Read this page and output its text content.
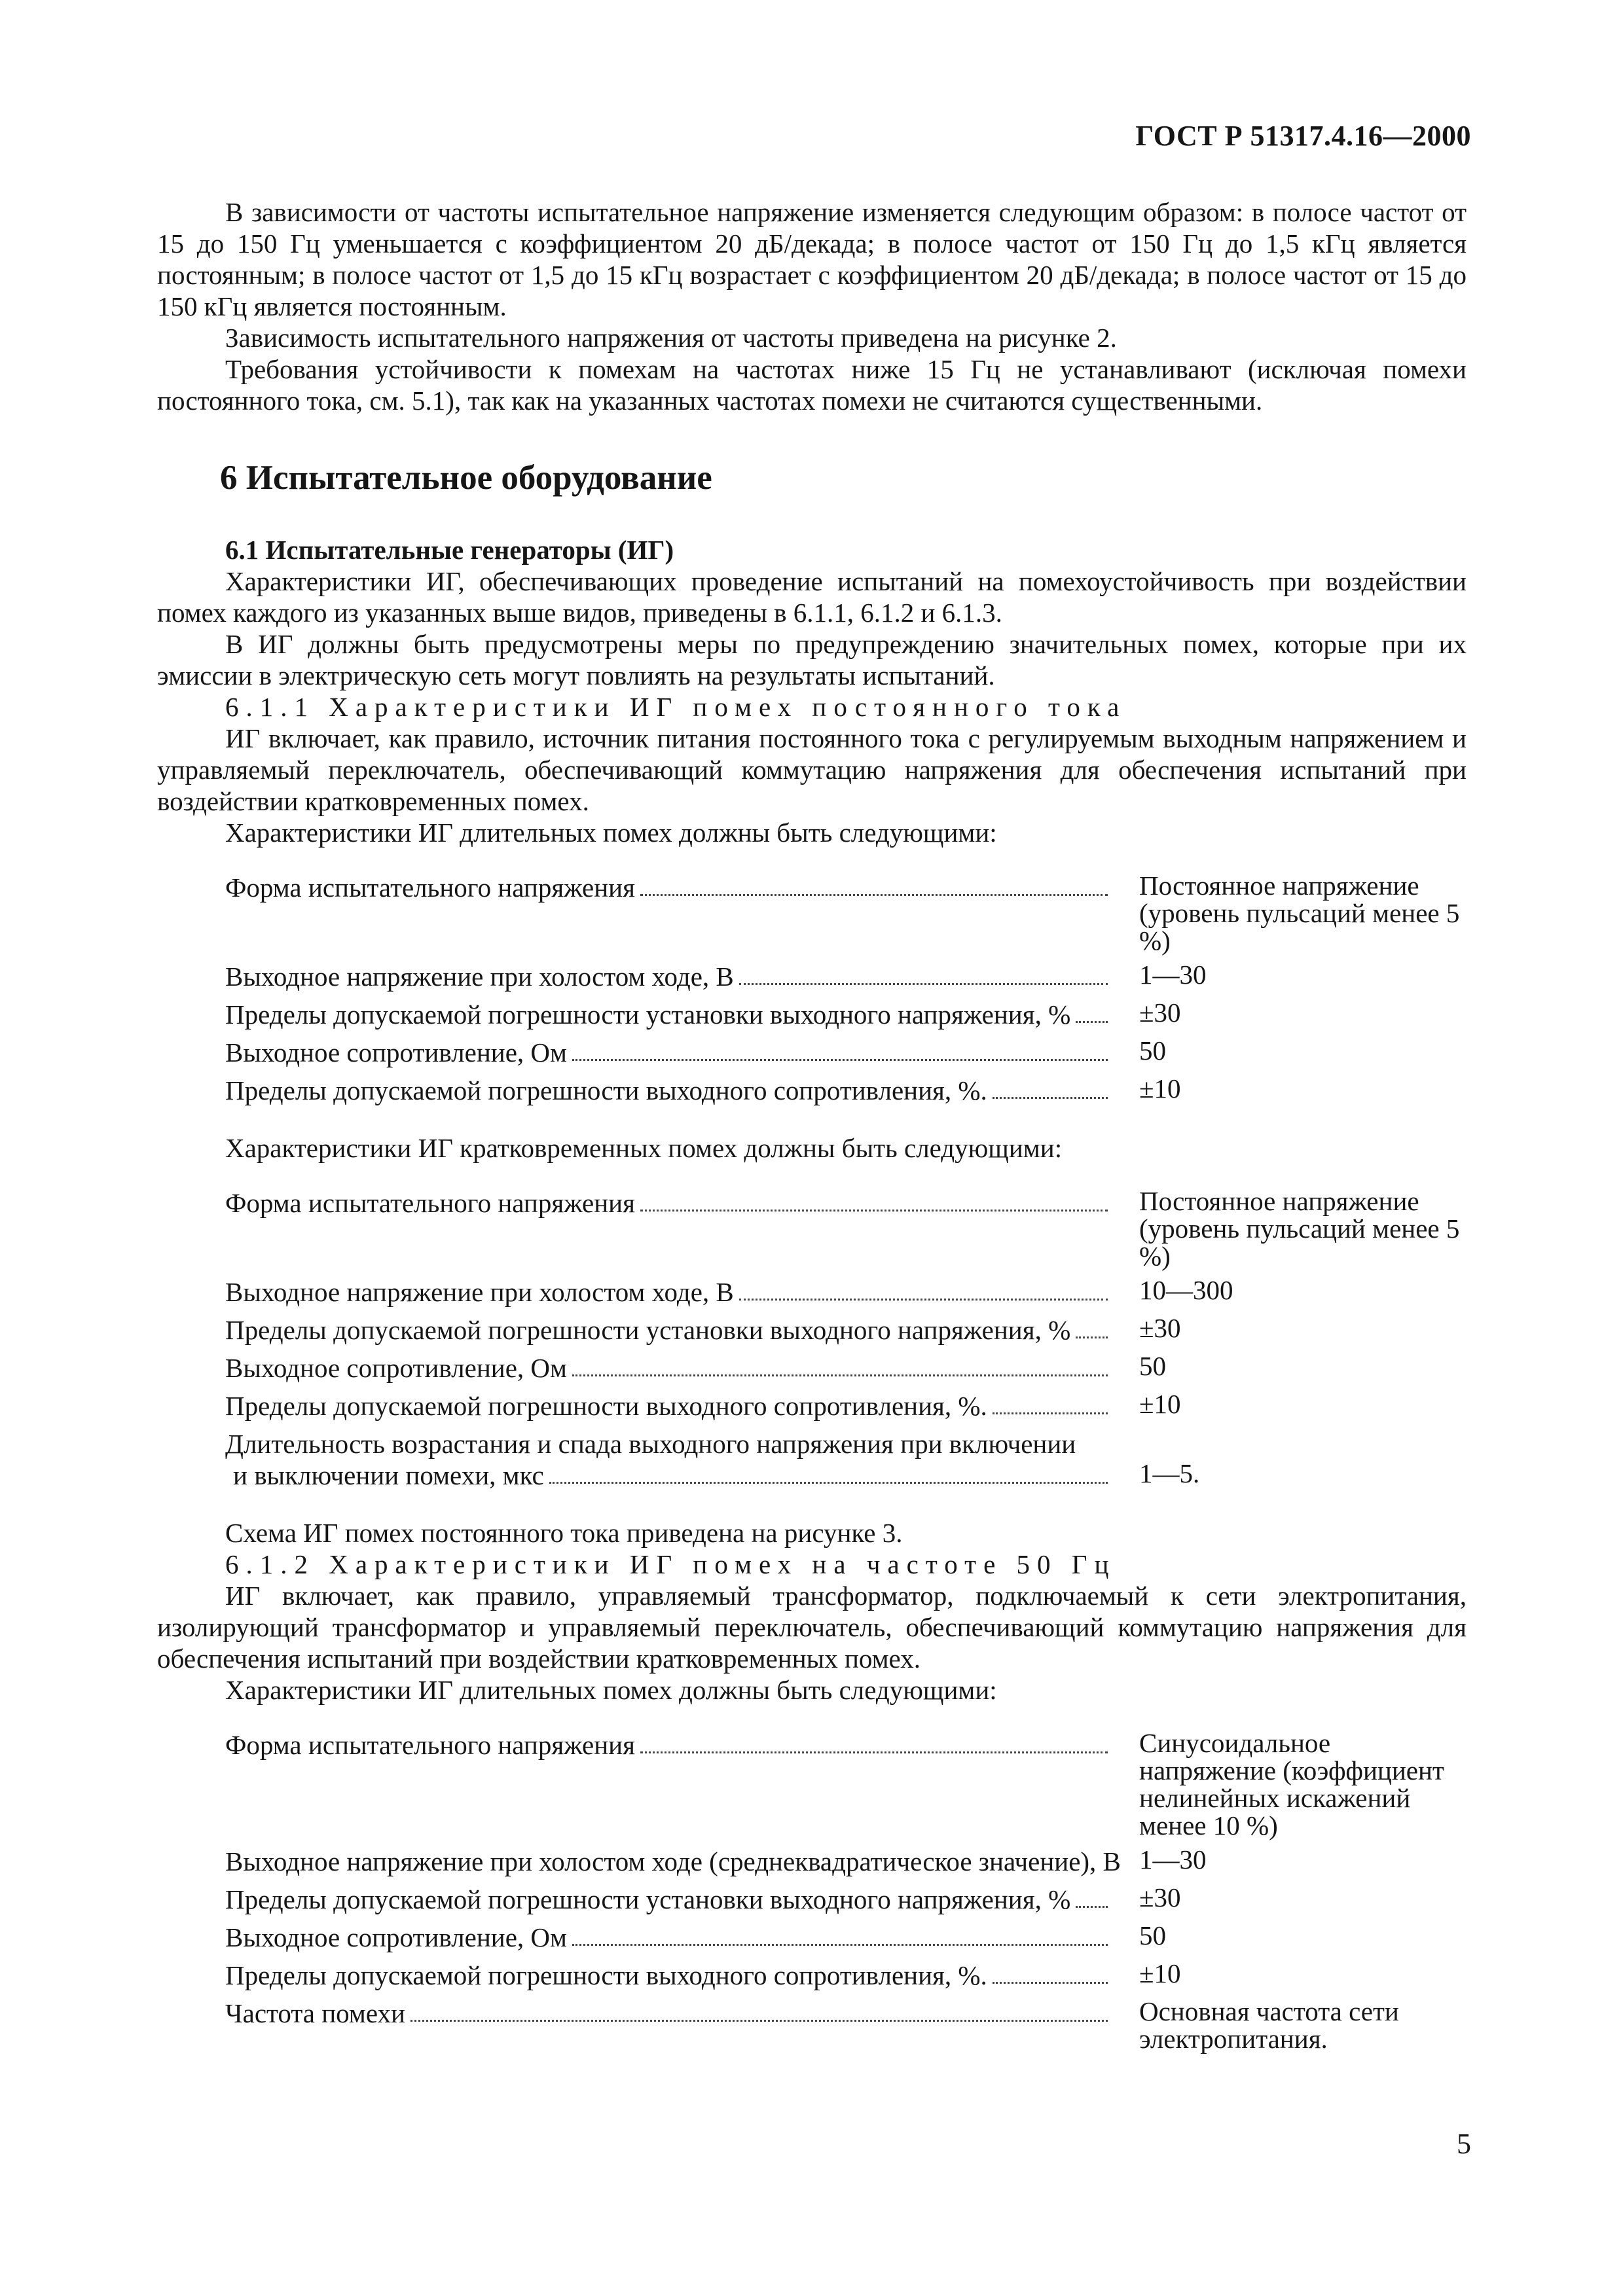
ГОСТ Р 51317.4.16—2000

В зависимости от частоты испытательное напряжение изменяется следующим образом: в полосе частот от 15 до 150 Гц уменьшается с коэффициентом 20 дБ/декада; в полосе частот от 150 Гц до 1,5 кГц является постоянным; в полосе частот от 1,5 до 15 кГц возрастает с коэффициентом 20 дБ/декада; в полосе частот от 15 до 150 кГц является постоянным.

Зависимость испытательного напряжения от частоты приведена на рисунке 2.

Требования устойчивости к помехам на частотах ниже 15 Гц не устанавливают (исключая помехи постоянного тока, см. 5.1), так как на указанных частотах помехи не считаются существенными.

6 Испытательное оборудование
6.1 Испытательные генераторы (ИГ)

Характеристики ИГ, обеспечивающих проведение испытаний на помехоустойчивость при воздействии помех каждого из указанных выше видов, приведены в 6.1.1, 6.1.2 и 6.1.3.

В ИГ должны быть предусмотрены меры по предупреждению значительных помех, которые при их эмиссии в электрическую сеть могут повлиять на результаты испытаний.

6.1.1 Характеристики ИГ помех постоянного тока

ИГ включает, как правило, источник питания постоянного тока с регулируемым выходным напряжением и управляемый переключатель, обеспечивающий коммутацию напряжения для обеспечения испытаний при воздействии кратковременных помех.

Характеристики ИГ длительных помех должны быть следующими:

Форма испытательного напряжения	Постоянное напряжение (уровень пульсаций менее 5 %)
Выходное напряжение при холостом ходе, В	1—30
Пределы допускаемой погрешности установки выходного напряжения, %	±30
Выходное сопротивление, Ом	50
Пределы допускаемой погрешности выходного сопротивления, %.	±10

Характеристики ИГ кратковременных помех должны быть следующими:

Форма испытательного напряжения	Постоянное напряжение (уровень пульсаций менее 5 %)
Выходное напряжение при холостом ходе, В	10—300
Пределы допускаемой погрешности установки выходного напряжения, %	±30
Выходное сопротивление, Ом	50
Пределы допускаемой погрешности выходного сопротивления, %.	±10
Длительность возрастания и спада выходного напряжения при включении
и выключении помехи, мкс	1—5.

Схема ИГ помех постоянного тока приведена на рисунке 3.

6.1.2 Характеристики ИГ помех на частоте 50 Гц

ИГ включает, как правило, управляемый трансформатор, подключаемый к сети электропитания, изолирующий трансформатор и управляемый переключатель, обеспечивающий коммутацию напряжения для обеспечения испытаний при воздействии кратковременных помех.

Характеристики ИГ длительных помех должны быть следующими:

Форма испытательного напряжения	Синусоидальное напряжение (коэффициент нелинейных искажений менее 10 %)
Выходное напряжение при холостом ходе (среднеквадратическое значение), В 1—30
Пределы допускаемой погрешности установки выходного напряжения, %	±30
Выходное сопротивление, Ом	50
Пределы допускаемой погрешности выходного сопротивления, %.	±10
Частота помехи	Основная частота сети электропитания.
5
